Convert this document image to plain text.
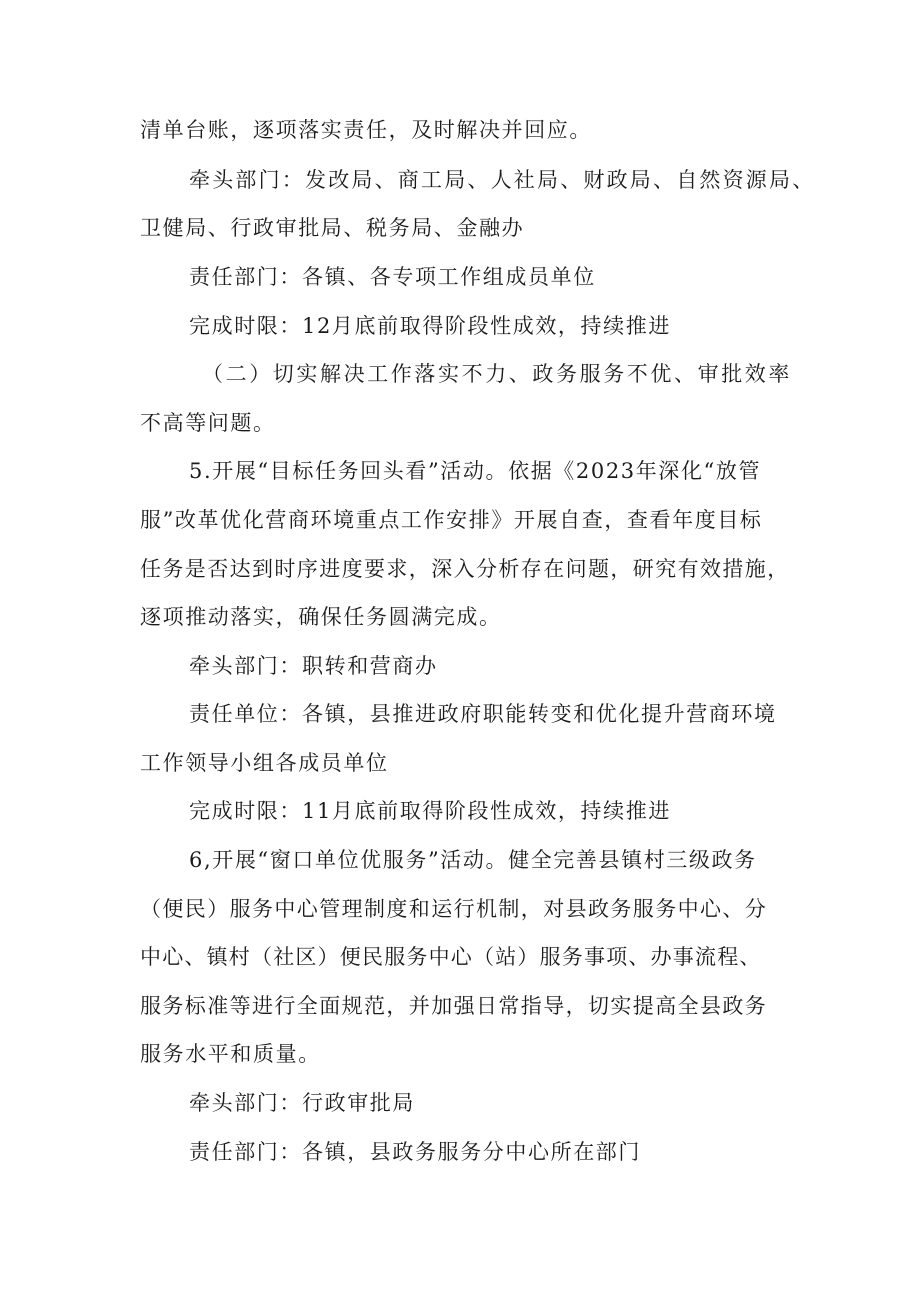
清单台账，逐项落实责任，及时解决并回应。

牵头部门：发改局、商工局、人社局、财政局、自然资源局、

卫健局、行政审批局、税务局、金融办

责任部门：各镇、各专项工作组成员单位

完成时限：12月底前取得阶段性成效，持续推进

（二）切实解决工作落实不力、政务服务不优、审批效率

不高等问题。

5.开展“目标任务回头看”活动。依据《2023年深化“放管

服”改革优化营商环境重点工作安排》开展自查，查看年度目标

任务是否达到时序进度要求，深入分析存在问题，研究有效措施，

逐项推动落实，确保任务圆满完成。

牵头部门：职转和营商办

责任单位：各镇，县推进政府职能转变和优化提升营商环境

工作领导小组各成员单位

完成时限：11月底前取得阶段性成效，持续推进

6,开展“窗口单位优服务”活动。健全完善县镇村三级政务

（便民）服务中心管理制度和运行机制，对县政务服务中心、分

中心、镇村（社区）便民服务中心（站）服务事项、办事流程、

服务标准等进行全面规范，并加强日常指导，切实提高全县政务

服务水平和质量。

牵头部门：行政审批局

责任部门：各镇，县政务服务分中心所在部门
